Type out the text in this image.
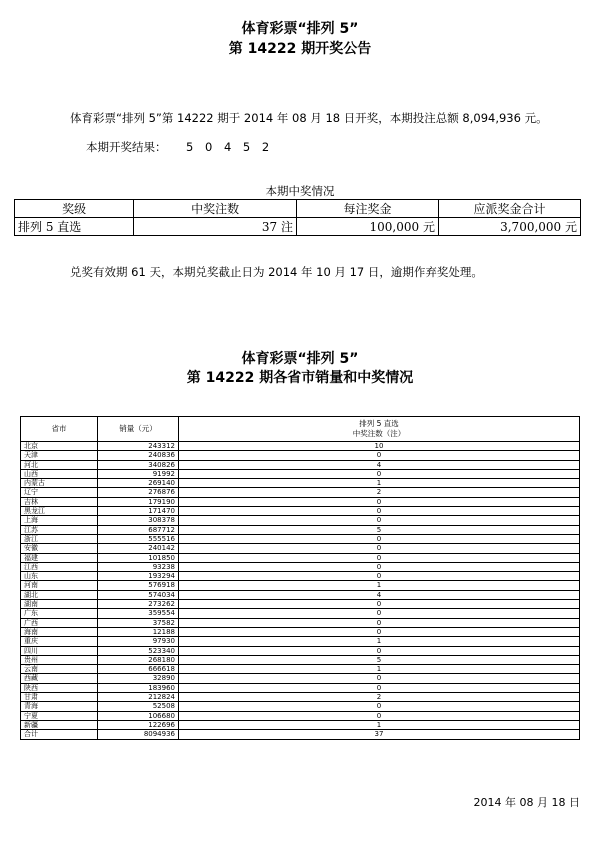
体育彩票“排列 5”
第 14222 期开奖公告
体育彩票“排列 5”第 14222 期于 2014 年 08 月 18 日开奖，本期投注总额 8,094,936 元。
本期开奖结果： 5 0 4 5 2
本期中奖情况
奖级	中奖注数	每注奖金	应派奖金合计
排列 5 直选	37 注	100,000 元	3,700,000 元
兑奖有效期 61 天，本期兑奖截止日为 2014 年 10 月 17 日，逾期作弃奖处理。
体育彩票“排列 5”
第 14222 期各省市销量和中奖情况
省市	销量（元）	排列 5 直选
中奖注数（注）

北京	243312	10
天津	240836	0
河北	340826	4
山西	91992	0
内蒙古	269140	1
辽宁	276876	2
吉林	179190	0
黑龙江	171470	0
上海	308378	0
江苏	687712	5
浙江	555516	0
安徽	240142	0
福建	101850	0
江西	93238	0
山东	193294	0
河南	576918	1
湖北	574034	4
湖南	273262	0
广东	359554	0
广西	37582	0
海南	12188	0
重庆	97930	1
四川	523340	0
贵州	268180	5
云南	666618	1
西藏	32890	0
陕西	183960	0
甘肃	212824	2
青海	52508	0
宁夏	106680	0
新疆	122696	1
合计	8094936	37
2014 年 08 月 18 日
